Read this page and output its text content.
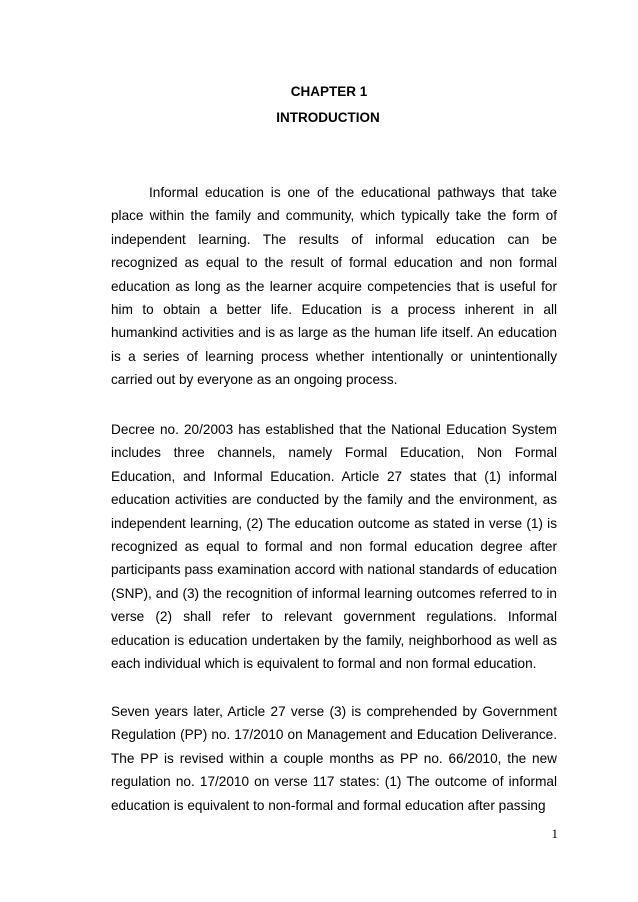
CHAPTER 1
INTRODUCTION

Informal education is one of the educational pathways that take place within the family and community, which typically take the form of independent learning. The results of informal education can be recognized as equal to the result of formal education and non formal education as long as the learner acquire competencies that is useful for him to obtain a better life. Education is a process inherent in all humankind activities and is as large as the human life itself. An education is a series of learning process whether intentionally or unintentionally carried out by everyone as an ongoing process.

Decree no. 20/2003 has established that the National Education System includes three channels, namely Formal Education, Non Formal Education, and Informal Education. Article 27 states that (1) informal education activities are conducted by the family and the environment, as independent learning, (2) The education outcome as stated in verse (1) is recognized as equal to formal and non formal education degree after participants pass examination accord with national standards of education (SNP), and (3) the recognition of informal learning outcomes referred to in verse (2) shall refer to relevant government regulations. Informal education is education undertaken by the family, neighborhood as well as each individual which is equivalent to formal and non formal education.

Seven years later, Article 27 verse (3) is comprehended by Government Regulation (PP) no. 17/2010 on Management and Education Deliverance. The PP is revised within a couple months as PP no. 66/2010, the new regulation no. 17/2010 on verse 117 states: (1) The outcome of informal education is equivalent to non-formal and formal education after passing

1
